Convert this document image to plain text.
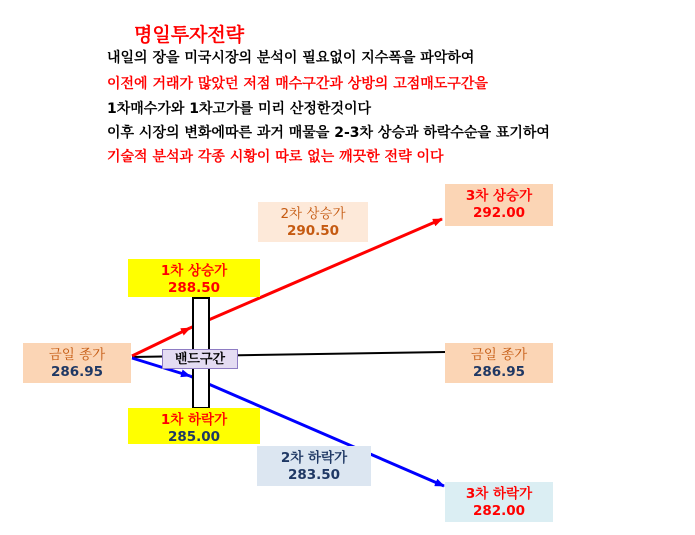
명일투자전략
내일의 장을 미국시장의 분석이 필요없이 지수폭을 파악하여
이전에 거래가 많았던 저점 매수구간과 상방의 고점매도구간을
1차매수가와 1차고가를 미리 산정한것이다
이후 시장의 변화에따른 과거 매물을 2-3차 상승과 하락수순을 표기하여
기술적 분석과 각종 시황이 따로 없는 깨끗한 전략 이다
금일 종가
286.95
1차 상승가
288.50
2차 상승가
290.50
3차 상승가
292.00
밴드구간	금일 종가
286.95
1차 하락가
285.00
2차 하락가
283.50
3차 하락가
282.00
